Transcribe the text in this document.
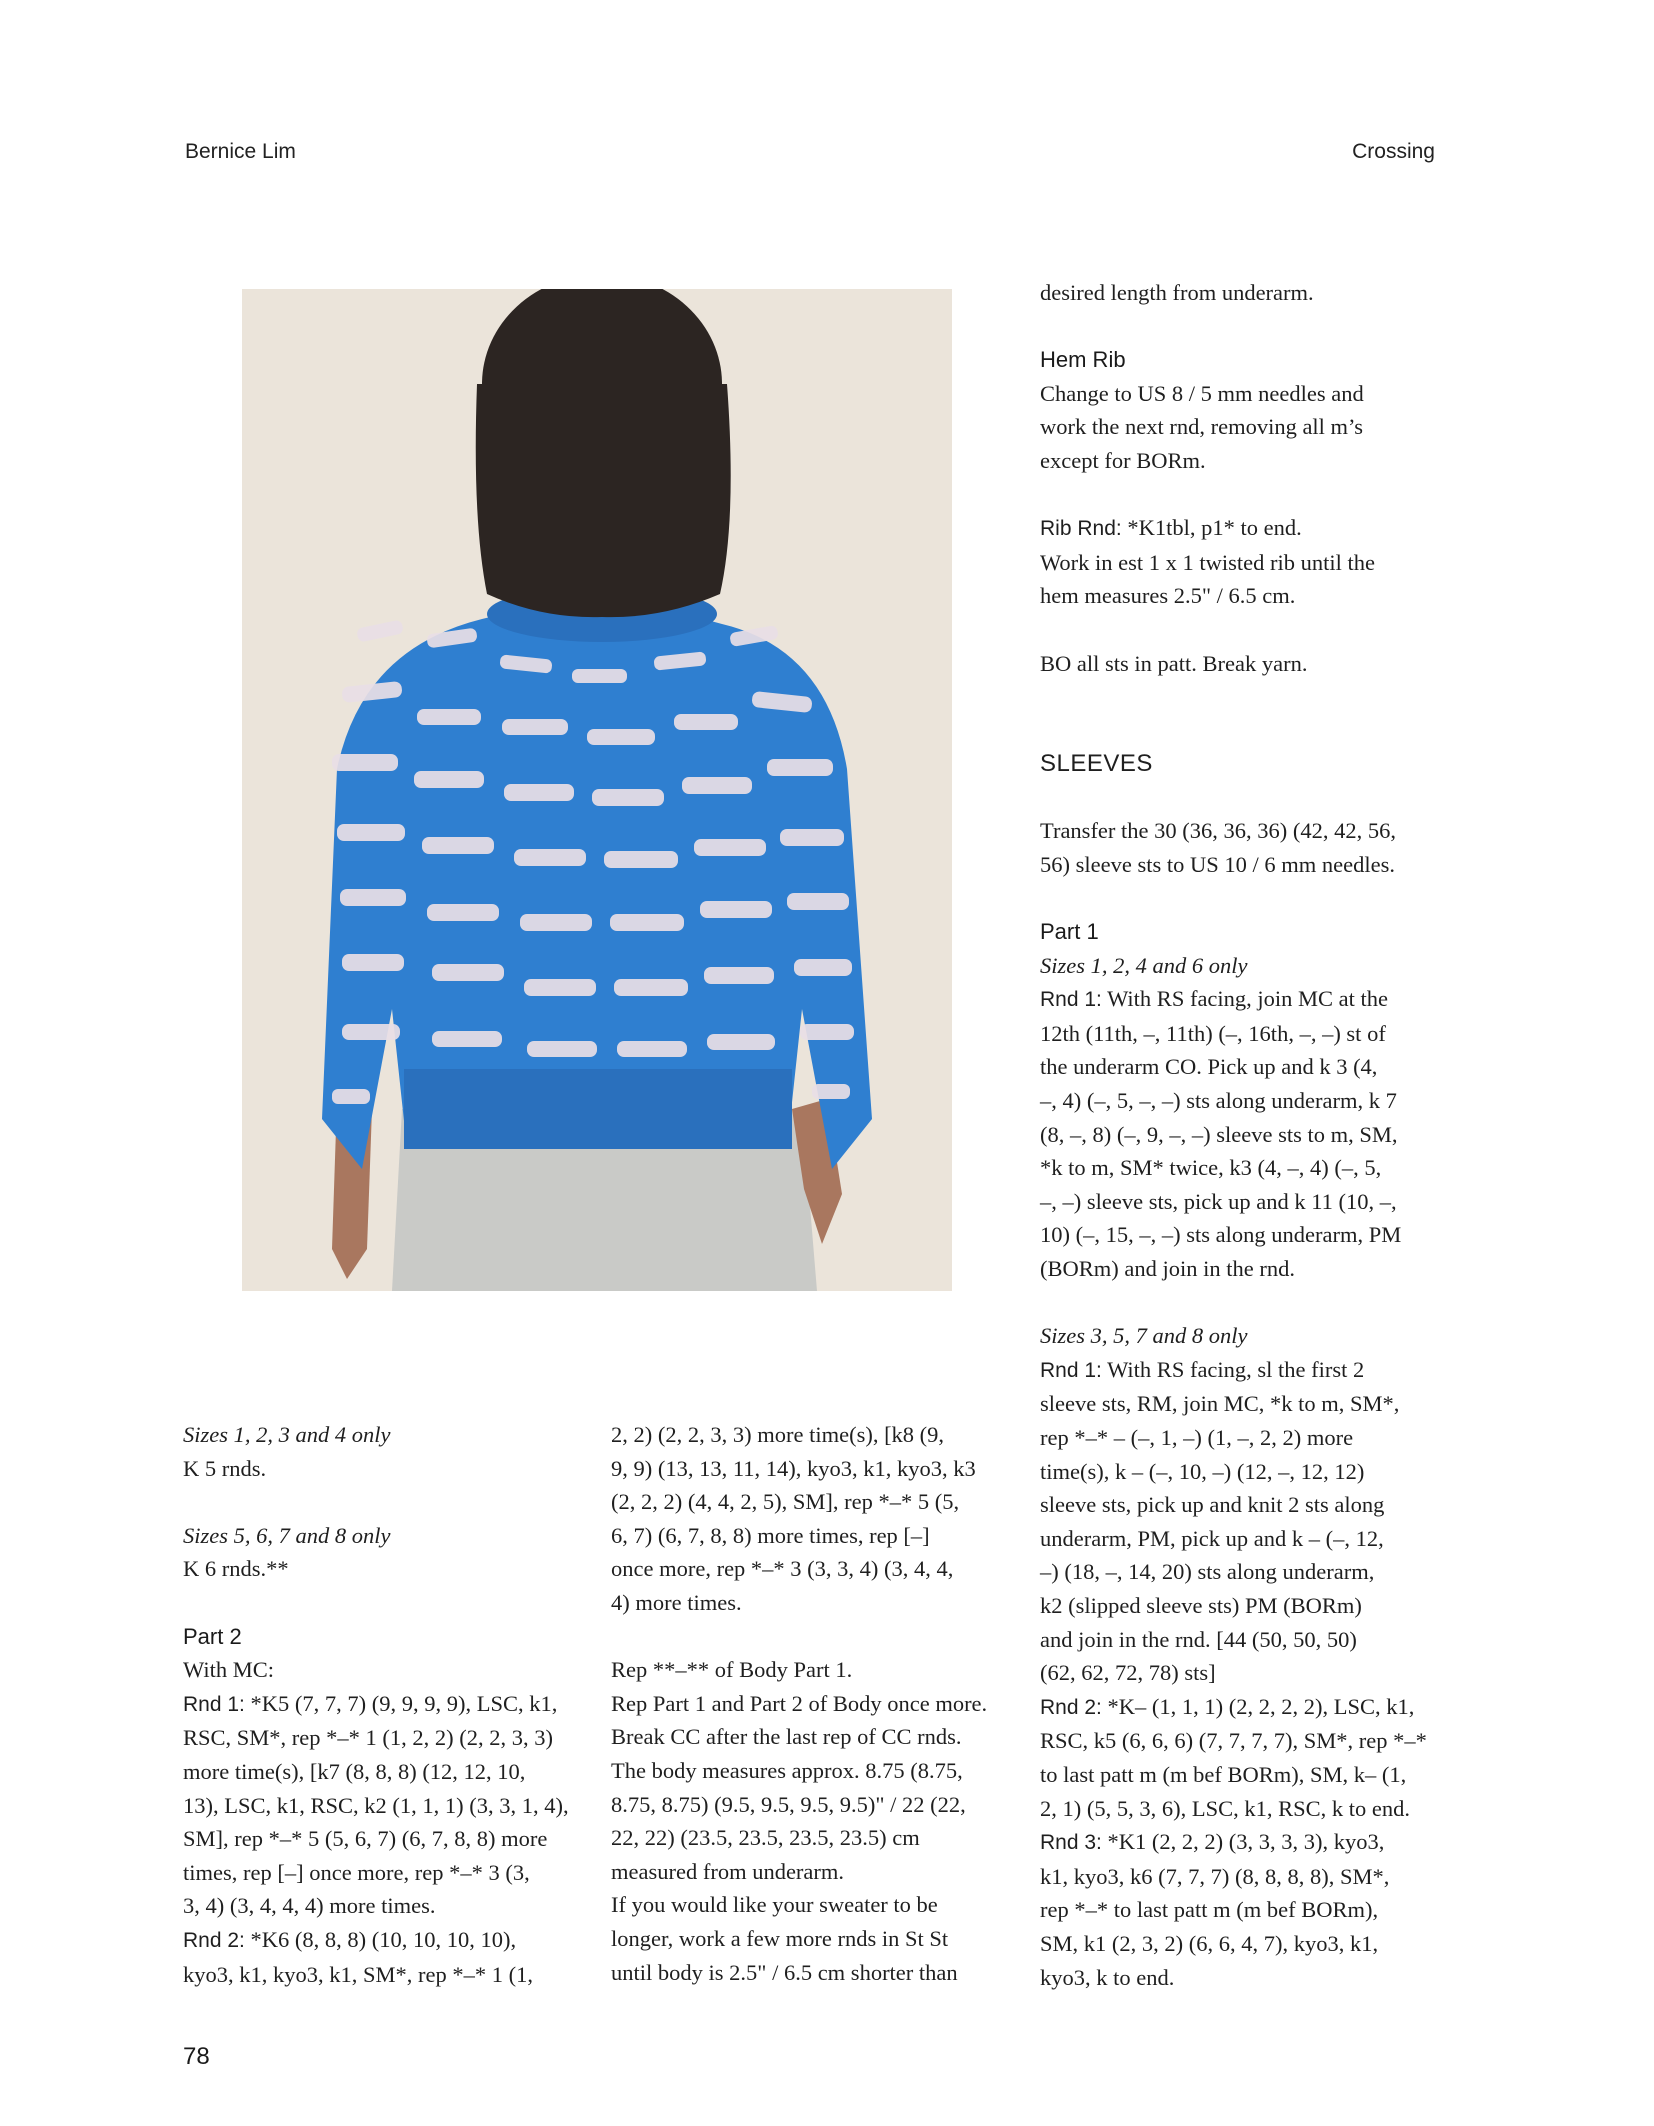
Bernice Lim	Crossing

Sizes 1, 2, 3 and 4 only

K 5 rnds.

Sizes 5, 6, 7 and 8 only

K 6 rnds.**

Part 2

With MC:

Rnd 1: *K5 (7, 7, 7) (9, 9, 9, 9), LSC, k1,

RSC, SM*, rep *–* 1 (1, 2, 2) (2, 2, 3, 3)

more time(s), [k7 (8, 8, 8) (12, 12, 10,

13), LSC, k1, RSC, k2 (1, 1, 1) (3, 3, 1, 4),

SM], rep *–* 5 (5, 6, 7) (6, 7, 8, 8) more

times, rep [–] once more, rep *–* 3 (3,

3, 4) (3, 4, 4, 4) more times.

Rnd 2: *K6 (8, 8, 8) (10, 10, 10, 10),

kyo3, k1, kyo3, k1, SM*, rep *–* 1 (1,

2, 2) (2, 2, 3, 3) more time(s), [k8 (9,

9, 9) (13, 13, 11, 14), kyo3, k1, kyo3, k3

(2, 2, 2) (4, 4, 2, 5), SM], rep *–* 5 (5,

6, 7) (6, 7, 8, 8) more times, rep [–]

once more, rep *–* 3 (3, 3, 4) (3, 4, 4,

4) more times.

Rep **–** of Body Part 1.

Rep Part 1 and Part 2 of Body once more.

Break CC after the last rep of CC rnds.

The body measures approx. 8.75 (8.75,

8.75, 8.75) (9.5, 9.5, 9.5, 9.5)" / 22 (22,

22, 22) (23.5, 23.5, 23.5, 23.5) cm

measured from underarm.

If you would like your sweater to be

longer, work a few more rnds in St St

until body is 2.5" / 6.5 cm shorter than

desired length from underarm.

Hem Rib

Change to US 8 / 5 mm needles and

work the next rnd, removing all m’s

except for BORm.

Rib Rnd: *K1tbl, p1* to end.

Work in est 1 x 1 twisted rib until the

hem measures 2.5" / 6.5 cm.

BO all sts in patt. Break yarn.

SLEEVES

Transfer the 30 (36, 36, 36) (42, 42, 56,

56) sleeve sts to US 10 / 6 mm needles.

Part 1

Sizes 1, 2, 4 and 6 only

Rnd 1: With RS facing, join MC at the

12th (11th, –, 11th) (–, 16th, –, –) st of

the underarm CO. Pick up and k 3 (4,

–, 4) (–, 5, –, –) sts along underarm, k 7

(8, –, 8) (–, 9, –, –) sleeve sts to m, SM,

*k to m, SM* twice, k3 (4, –, 4) (–, 5,

–, –) sleeve sts, pick up and k 11 (10, –,

10) (–, 15, –, –) sts along underarm, PM

(BORm) and join in the rnd.

Sizes 3, 5, 7 and 8 only

Rnd 1: With RS facing, sl the first 2

sleeve sts, RM, join MC, *k to m, SM*,

rep *–* – (–, 1, –) (1, –, 2, 2) more

time(s), k – (–, 10, –) (12, –, 12, 12)

sleeve sts, pick up and knit 2 sts along

underarm, PM, pick up and k – (–, 12,

–) (18, –, 14, 20) sts along underarm,

k2 (slipped sleeve sts) PM (BORm)

and join in the rnd. [44 (50, 50, 50)

(62, 62, 72, 78) sts]

Rnd 2: *K– (1, 1, 1) (2, 2, 2, 2), LSC, k1,

RSC, k5 (6, 6, 6) (7, 7, 7, 7), SM*, rep *–*

to last patt m (m bef BORm), SM, k– (1,

2, 1) (5, 5, 3, 6), LSC, k1, RSC, k to end.

Rnd 3: *K1 (2, 2, 2) (3, 3, 3, 3), kyo3,

k1, kyo3, k6 (7, 7, 7) (8, 8, 8, 8), SM*,

rep *–* to last patt m (m bef BORm),

SM, k1 (2, 3, 2) (6, 6, 4, 7), kyo3, k1,

kyo3, k to end.

78
